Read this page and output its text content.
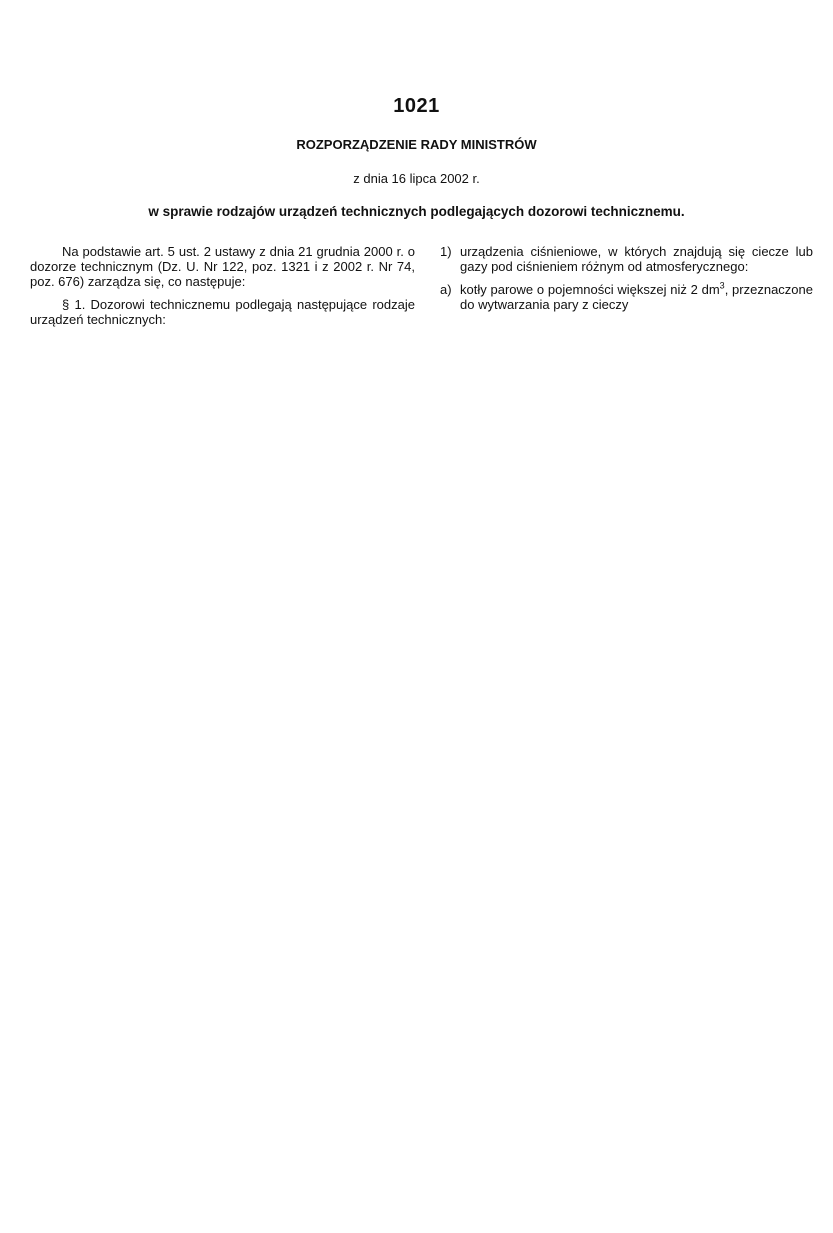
1021
ROZPORZĄDZENIE RADY MINISTRÓW
z dnia 16 lipca 2002 r.
w sprawie rodzajów urządzeń technicznych podlegających dozorowi technicznemu.

Na podstawie art. 5 ust. 2 ustawy z dnia 21 grudnia 2000 r. o dozorze technicznym (Dz. U. Nr 122, poz. 1321 i z 2002 r. Nr 74, poz. 676) zarządza się, co następuje:

§ 1. Dozorowi technicznemu podlegają następujące rodzaje urządzeń technicznych:

1) urządzenia ciśnieniowe, w których znajdują się ciecze lub gazy pod ciśnieniem różnym od atmosferycznego:
a) kotły parowe o pojemności większej niż 2 $dm^3$, przeznaczone do wytwarzania pary z cieczy
